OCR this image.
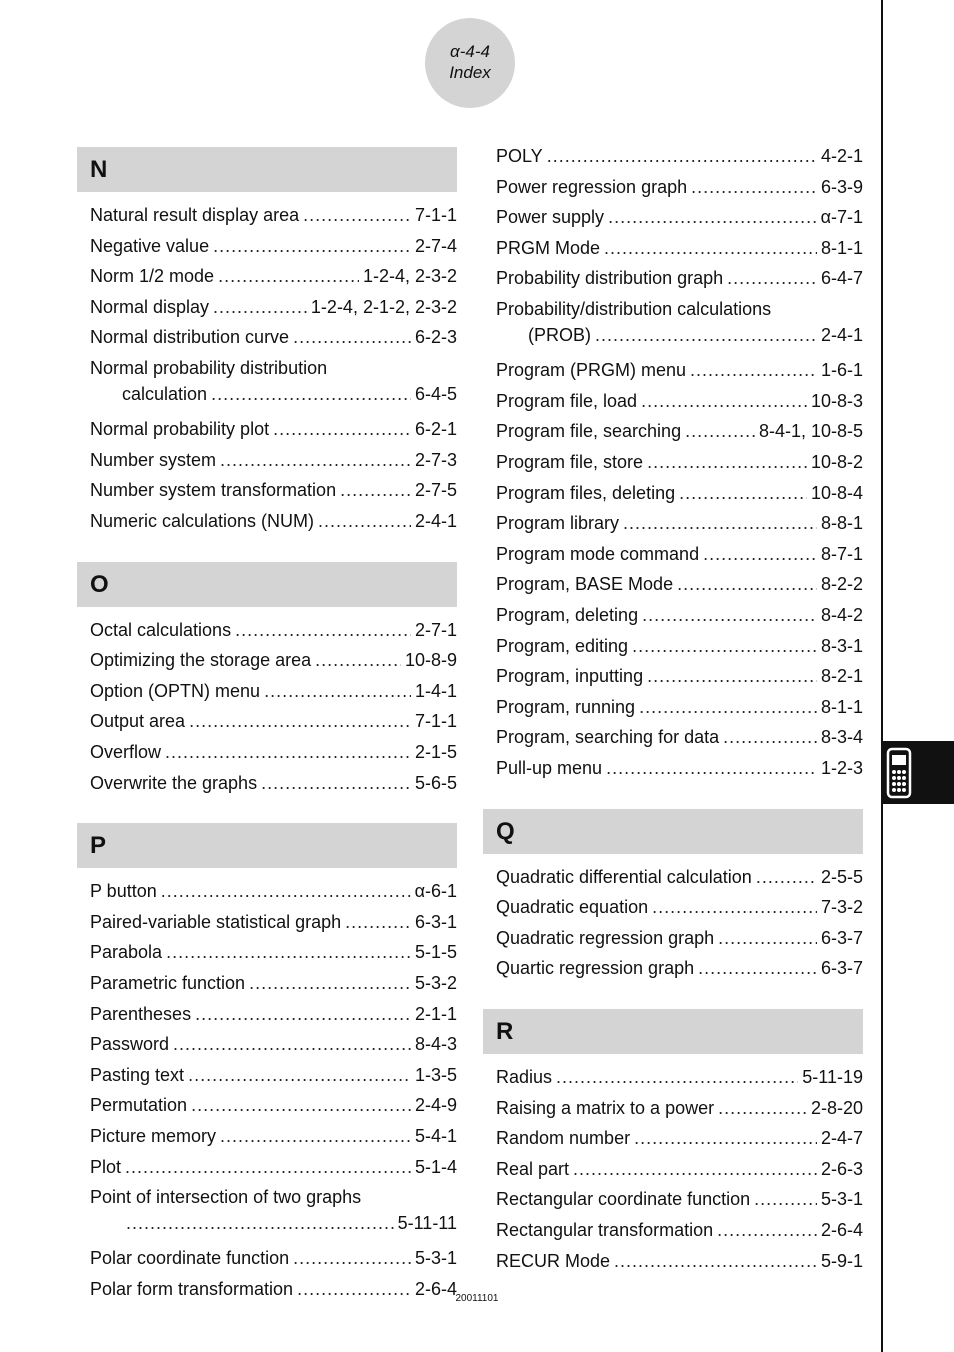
α-4-4
Index
N
Natural result display area .....	7-1-1
Negative value .....	2-7-4
Norm 1/2 mode .....	1-2-4, 2-3-2
Normal display .....	1-2-4, 2-1-2, 2-3-2
Normal distribution curve .....	6-2-3
Normal probability distribution
calculation .....	6-4-5
Normal probability plot .....	6-2-1
Number system .....	2-7-3
Number system transformation .....	2-7-5
Numeric calculations (NUM) .....	2-4-1
O
Octal calculations .....	2-7-1
Optimizing the storage area .....	10-8-9
Option (OPTN) menu .....	1-4-1
Output area .....	7-1-1
Overflow .....	2-1-5
Overwrite the graphs .....	5-6-5
P
P button .....	α-6-1
Paired-variable statistical graph .....	6-3-1
Parabola .....	5-1-5
Parametric function .....	5-3-2
Parentheses .....	2-1-1
Password .....	8-4-3
Pasting text .....	1-3-5
Permutation .....	2-4-9
Picture memory .....	5-4-1
Plot .....	5-1-4
Point of intersection of two graphs
.....
5-11-11
Polar coordinate function .....	5-3-1
Polar form transformation .....	2-6-4
POLY .....	4-2-1
Power regression graph .....	6-3-9
Power supply .....	α-7-1
PRGM Mode .....	8-1-1
Probability distribution graph .....	6-4-7
Probability/distribution calculations
(PROB) .....	2-4-1
Program (PRGM) menu .....	1-6-1
Program file, load .....	10-8-3
Program file, searching .....	8-4-1, 10-8-5
Program file, store .....	10-8-2
Program files, deleting .....	10-8-4
Program library .....	8-8-1
Program mode command .....	8-7-1
Program, BASE Mode .....	8-2-2
Program, deleting .....	8-4-2
Program, editing .....	8-3-1
Program, inputting .....	8-2-1
Program, running .....	8-1-1
Program, searching for data .....	8-3-4
Pull-up menu .....	1-2-3
Q
Quadratic differential calculation .....	2-5-5
Quadratic equation .....	7-3-2
Quadratic regression graph .....	6-3-7
Quartic regression graph .....	6-3-7
R
Radius .....	5-11-19
Raising a matrix to a power .....	2-8-20
Random number .....	2-4-7
Real part .....	2-6-3
Rectangular coordinate function .....	5-3-1
Rectangular transformation .....	2-6-4
RECUR Mode .....	5-9-1
20011101
